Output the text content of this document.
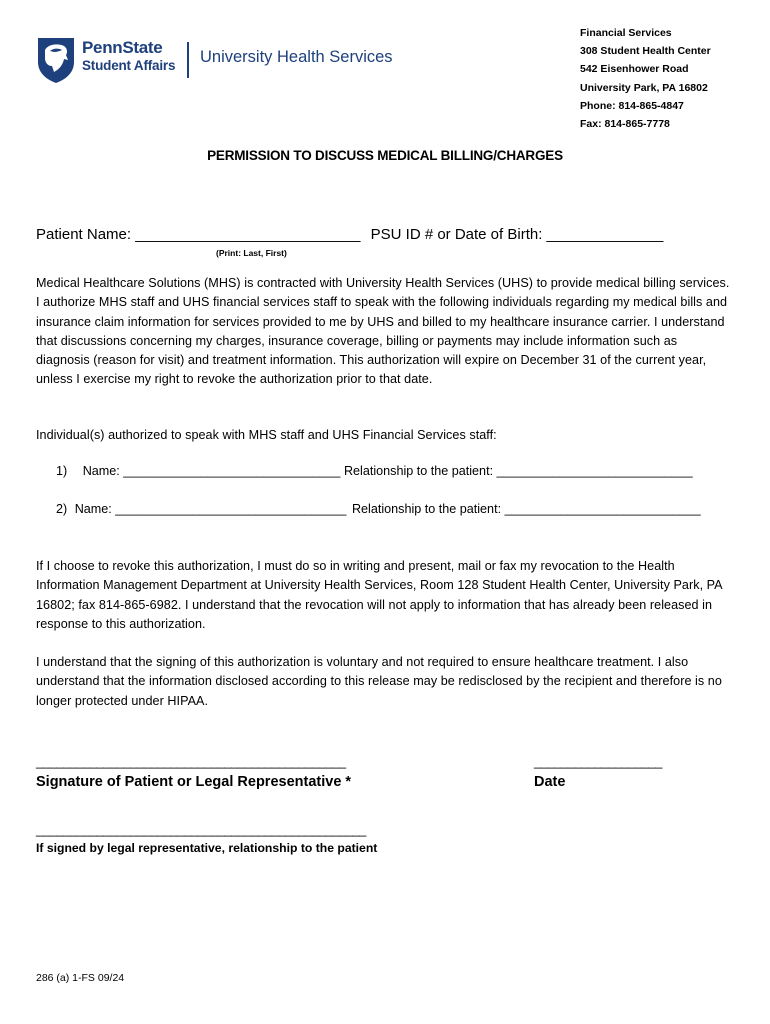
PennState
Student Affairs University Health Services
Financial Services
308 Student Health Center
542 Eisenhower Road
University Park, PA 16802
Phone: 814-865-4847
Fax: 814-865-7778
PERMISSION TO DISCUSS MEDICAL BILLING/CHARGES
Patient Name: ___________________________ PSU ID # or Date of Birth: ______________
(Print: Last, First)
Medical Healthcare Solutions (MHS) is contracted with University Health Services (UHS) to provide medical billing services. I authorize MHS staff and UHS financial services staff to speak with the following individuals regarding my medical bills and insurance claim information for services provided to me by UHS and billed to my healthcare insurance carrier. I understand that discussions concerning my charges, insurance coverage, billing or payments may include information such as diagnosis (reason for visit) and treatment information. This authorization will expire on December 31 of the current year, unless I exercise my right to revoke the authorization prior to that date.
Individual(s) authorized to speak with MHS staff and UHS Financial Services staff:
1) Name: _______________________________ Relationship to the patient: ____________________________
2) Name: _________________________________ Relationship to the patient: ____________________________
If I choose to revoke this authorization, I must do so in writing and present, mail or fax my revocation to the Health Information Management Department at University Health Services, Room 128 Student Health Center, University Park, PA 16802; fax 814-865-6982. I understand that the revocation will not apply to information that has already been released in response to this authorization.
I understand that the signing of this authorization is voluntary and not required to ensure healthcare treatment. I also understand that the information disclosed according to this release may be redisclosed by the recipient and therefore is no longer protected under HIPAA.
______________________________________________	___________________
Signature of Patient or Legal Representative *	Date
_________________________________________________
If signed by legal representative, relationship to the patient
286 (a) 1-FS 09/24
